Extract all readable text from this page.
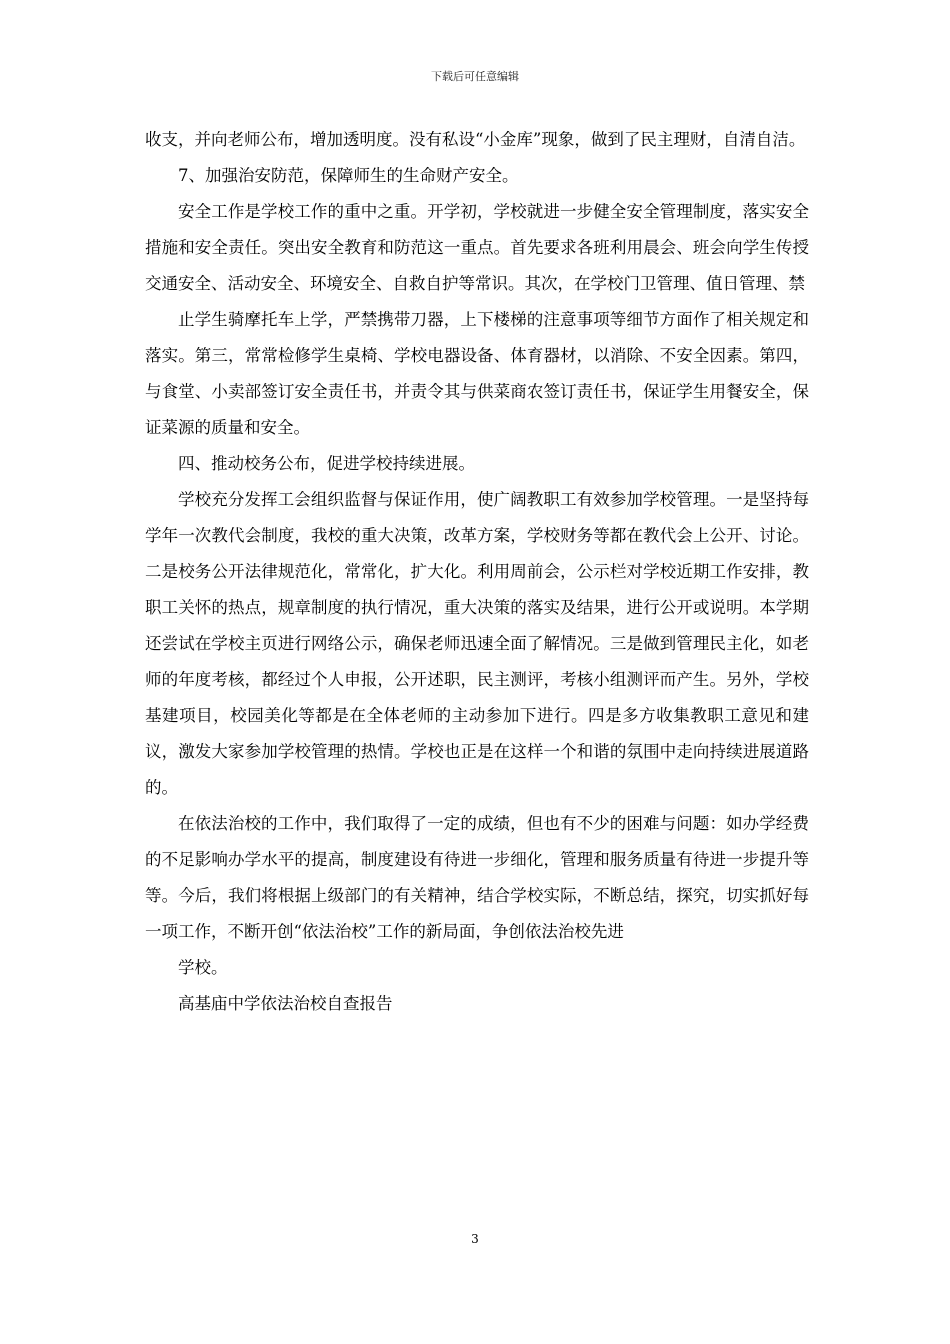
下载后可任意编辑

收支，并向老师公布，增加透明度。没有私设“小金库”现象，做到了民主理财，自清自洁。

7、加强治安防范，保障师生的生命财产安全。

安全工作是学校工作的重中之重。开学初，学校就进一步健全安全管理制度，落实安全措施和安全责任。突出安全教育和防范这一重点。首先要求各班利用晨会、班会向学生传授交通安全、活动安全、环境安全、自救自护等常识。其次，在学校门卫管理、值日管理、禁

止学生骑摩托车上学，严禁携带刀器，上下楼梯的注意事项等细节方面作了相关规定和落实。第三，常常检修学生桌椅、学校电器设备、体育器材，以消除、不安全因素。第四，与食堂、小卖部签订安全责任书，并责令其与供菜商农签订责任书，保证学生用餐安全，保证菜源的质量和安全。

四、推动校务公布，促进学校持续进展。

学校充分发挥工会组织监督与保证作用，使广阔教职工有效参加学校管理。一是坚持每学年一次教代会制度，我校的重大决策，改革方案，学校财务等都在教代会上公开、讨论。二是校务公开法律规范化，常常化，扩大化。利用周前会，公示栏对学校近期工作安排，教职工关怀的热点，规章制度的执行情况，重大决策的落实及结果，进行公开或说明。本学期还尝试在学校主页进行网络公示，确保老师迅速全面了解情况。三是做到管理民主化，如老师的年度考核，都经过个人申报，公开述职，民主测评，考核小组测评而产生。另外，学校基建项目，校园美化等都是在全体老师的主动参加下进行。四是多方收集教职工意见和建议，激发大家参加学校管理的热情。学校也正是在这样一个和谐的氛围中走向持续进展道路的。

在依法治校的工作中，我们取得了一定的成绩，但也有不少的困难与问题：如办学经费的不足影响办学水平的提高，制度建设有待进一步细化，管理和服务质量有待进一步提升等等。今后，我们将根据上级部门的有关精神，结合学校实际，不断总结，探究，切实抓好每一项工作，不断开创“依法治校”工作的新局面，争创依法治校先进

学校。

高基庙中学依法治校自查报告

3
